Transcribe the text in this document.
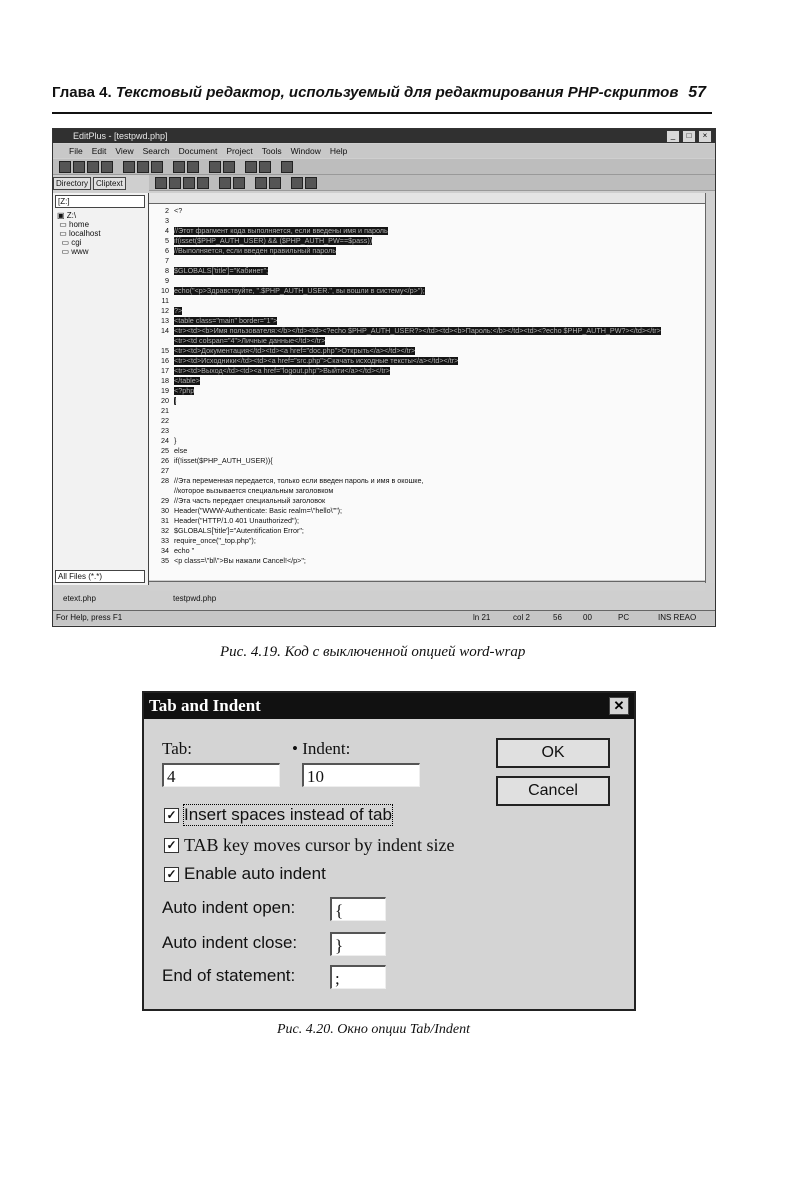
Глава 4. Текстовый редактор, используемый для редактирования PHP-скриптов 57
EditPlus - [testpwd.php]	_	□	×
File Edit View Search Document Project Tools Window Help
Directory	Cliptext
[Z:]
▣ Z:\
▭ home
▭ localhost
▭ cgi
▭ www
All Files (*.*)
2 <?
3
4 //Этот фрагмент кода выполняется, если введены имя и пароль
5 if(isset($PHP_AUTH_USER) && ($PHP_AUTH_PW==$pass))
6 //Выполняется, если введен правильный пароль
7
8 $GLOBALS['title']="Кабинет";
9
10 echo("<p>Здравствуйте, ".$PHP_AUTH_USER.", вы вошли в систему</p>");
11
12 ?>
13 <table class="main" border="1">
14 <tr><td><b>Имя пользователя:</b></td><td><?echo $PHP_AUTH_USER?></td><td><b>Пароль:</b></td><td><?echo $PHP_AUTH_PW?></td></tr>
<tr><td colspan="4">Личные данные</td></tr>
15 <tr><td>Документация</td><td><a href="doc.php">Открыть</a></td></tr>
16 <tr><td>Исходники</td><td><a href="src.php">Скачать исходные тексты</a></td></tr>
17 <tr><td>Выход</td><td><a href="logout.php">Выйти</a></td></tr>
18 </table>
19 <?php
20 }
21
22
23
24 }
25 else
26 if(!isset($PHP_AUTH_USER)){
27
28 //Эта переменная передается, только если введен пароль и имя в окошке,
//которое вызывается специальным заголовком
29 //Эта часть передает специальный заголовок
30 Header("WWW-Authenticate: Basic realm=\"hello\"");
31 Header("HTTP/1.0 401 Unauthorized");
32 $GLOBALS['title']="Autentification Error";
33 require_once("_top.php");
34 echo "
35 <p class=\"bl\">Вы нажали Cancel!</p>";
etext.php	testpwd.php
For Help, press F1	ln 21	col 2	56	00	PC	INS REAO
Рис. 4.19. Код с выключенной опцией word-wrap
Tab and Indent	✕
Tab:	• Indent:
4	10
OK
Cancel
✓ Insert spaces instead of tab
✓ TAB key moves cursor by indent size
✓ Enable auto indent
Auto indent open: {
Auto indent close: }
End of statement: ;
Рис. 4.20. Окно опции Tab/Indent
